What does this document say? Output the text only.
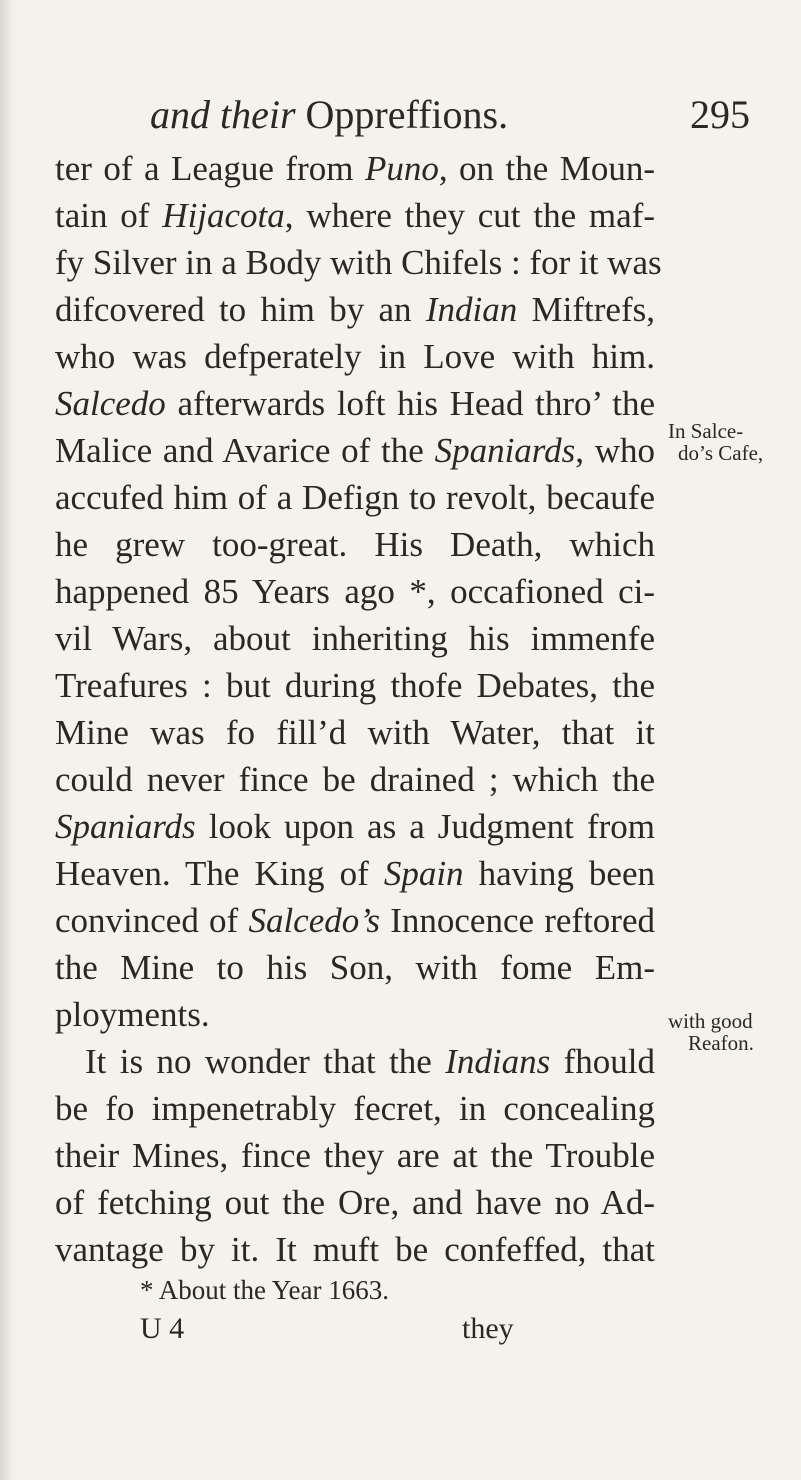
and their Oppreffions.	295
ter of a League from Puno, on the Moun-
tain of Hijacota, where they cut the maf-
fy Silver in a Body with Chifels : for it was
difcovered to him by an Indian Miftrefs,
who was defperately in Love with him.
Salcedo afterwards loft his Head thro’ the
Malice and Avarice of the Spaniards, who
accufed him of a Defign to revolt, becaufe
he grew too-great. His Death, which
happened 85 Years ago *, occafioned ci-
vil Wars, about inheriting his immenfe
Treafures : but during thofe Debates, the
Mine was fo fill’d with Water, that it
could never fince be drained ; which the
Spaniards look upon as a Judgment from
Heaven. The King of Spain having been
convinced of Salcedo’s Innocence reftored
the Mine to his Son, with fome Em-
ployments.
It is no wonder that the Indians fhould
be fo impenetrably fecret, in concealing
their Mines, fince they are at the Trouble
of fetching out the Ore, and have no Ad-
vantage by it. It muft be confeffed, that
In Salce-
do’s Cafe,
with good
Reafon.
* About the Year 1663.
U 4	they
